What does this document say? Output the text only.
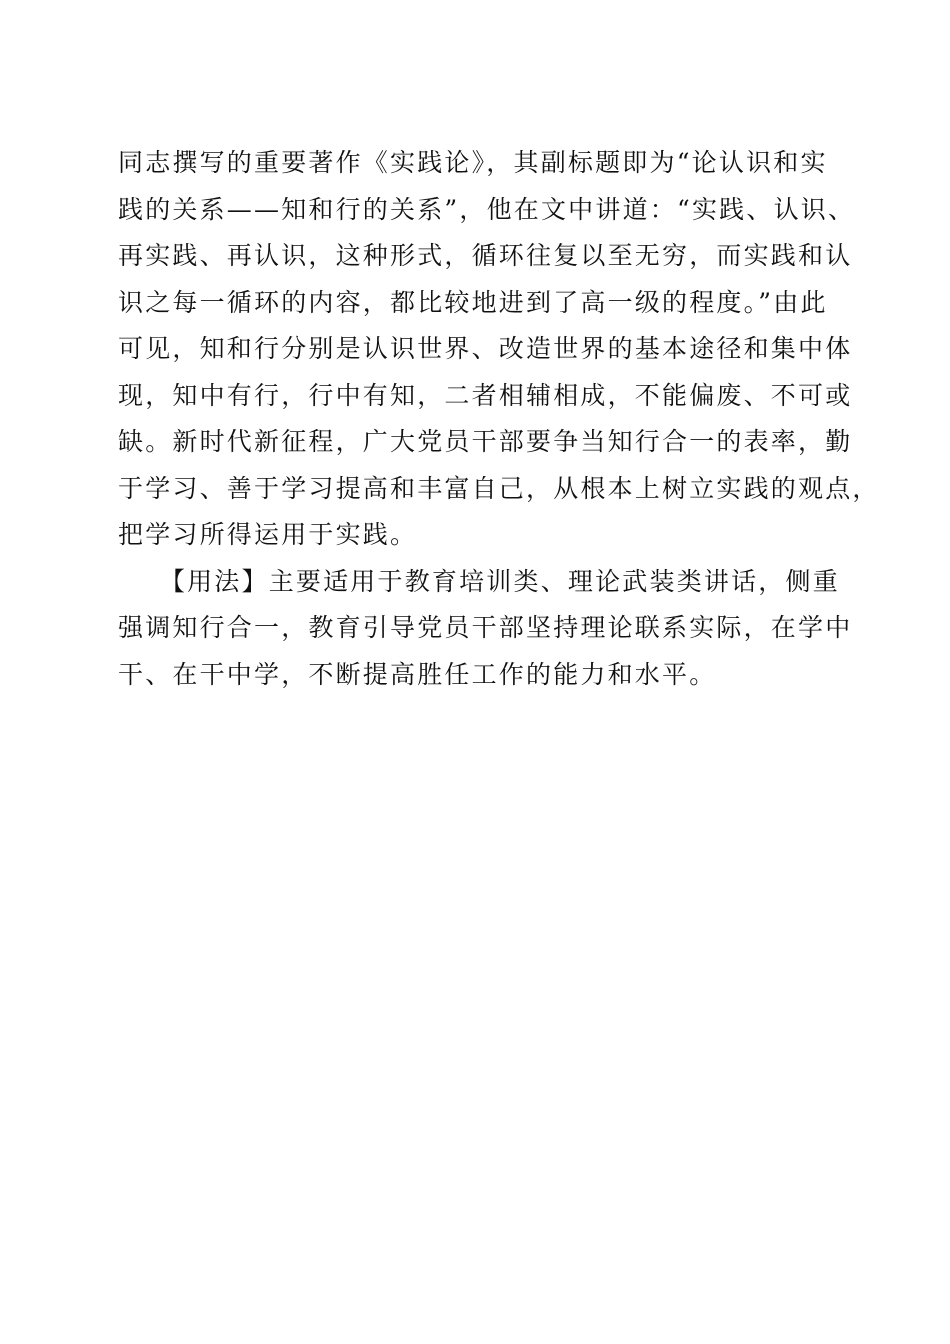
同志撰写的重要著作《实践论》，其副标题即为“论认识和实
践的关系——知和行的关系”，他在文中讲道：“实践、认识、
再实践、再认识，这种形式，循环往复以至无穷，而实践和认
识之每一循环的内容，都比较地进到了高一级的程度。”由此
可见，知和行分别是认识世界、改造世界的基本途径和集中体
现，知中有行，行中有知，二者相辅相成，不能偏废、不可或
缺。新时代新征程，广大党员干部要争当知行合一的表率，勤
于学习、善于学习提高和丰富自己，从根本上树立实践的观点，
把学习所得运用于实践。
　　【用法】主要适用于教育培训类、理论武装类讲话，侧重
强调知行合一，教育引导党员干部坚持理论联系实际，在学中
干、在干中学，不断提高胜任工作的能力和水平。
